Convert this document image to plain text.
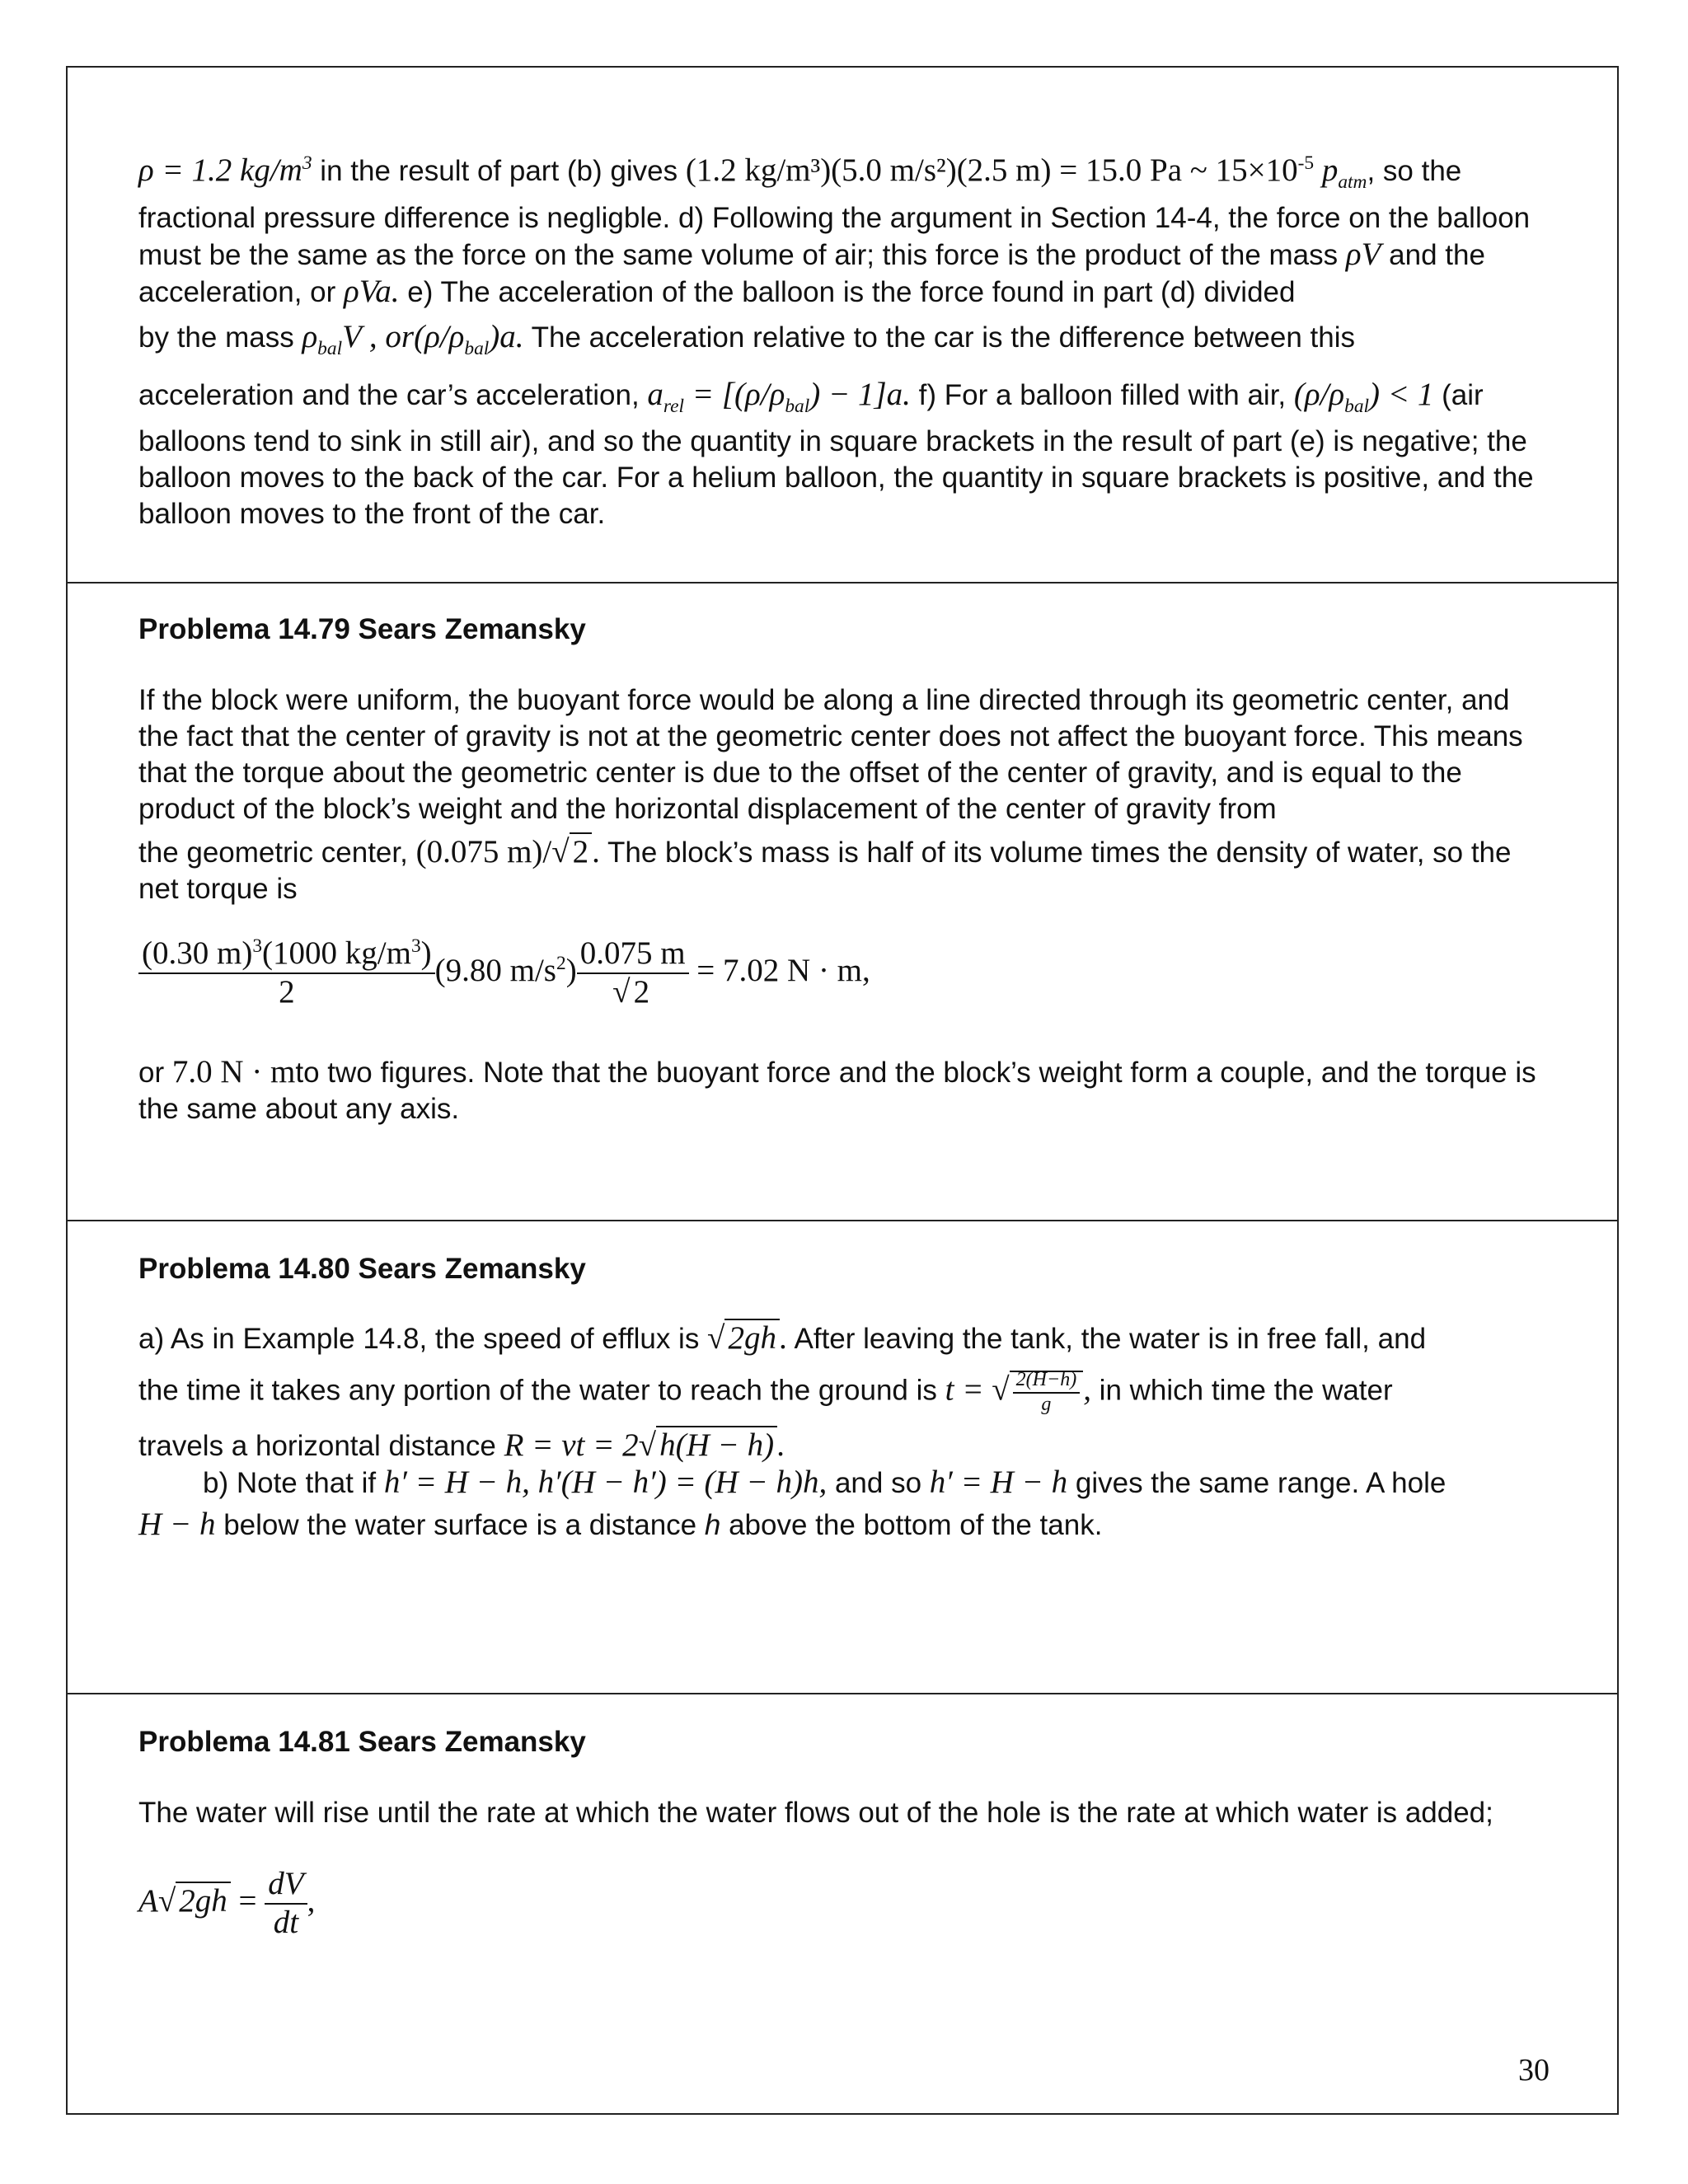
ρ = 1.2 $kg/m^3$ in the result of part (b) gives (1.2 kg/m³)(5.0 m/s²)(2.5 m) = 15.0 Pa ~ $15\times 10^{-5}$ $p_{atm}$, so the

fractional pressure difference is negligble. d) Following the argument in Section 14-4, the force on the balloon must be the same as the force on the same volume of air; this force is the product of the mass ρV and the acceleration, or ρVa. e) The acceleration of the balloon is the force found in part (d) divided

by the mass $\rho_{bal}V$ , $or(\rho/\rho_{bal})a$. The acceleration relative to the car is the difference between this

acceleration and the car’s acceleration, $a_{rel} = [(\rho/\rho_{bal}) - 1]a$. f) For a balloon filled with air, $(\rho/\rho_{bal}) < 1$ (air

balloons tend to sink in still air), and so the quantity in square brackets in the result of part (e) is negative; the balloon moves to the back of the car. For a helium balloon, the quantity in square brackets is positive, and the balloon moves to the front of the car.

Problema 14.79 Sears Zemansky

If the block were uniform, the buoyant force would be along a line directed through its geometric center, and the fact that the center of gravity is not at the geometric center does not affect the buoyant force. This means that the torque about the geometric center is due to the offset of the center of gravity, and is equal to the product of the block’s weight and the horizontal displacement of the center of gravity from

the geometric center, (0.075 m)/√ 2 . The block’s mass is half of its volume times the density of water, so the net torque is

$\frac{(0.30 m)^3(1000 kg/m^3)}{2} (9.80$ $m/s^2) \frac{0.075 m}{√ 2} = 7.02$ N · m,

or 7.0 N · mto two figures. Note that the buoyant force and the block’s weight form a couple, and the torque is the same about any axis.

Problema 14.80 Sears Zemansky

a) As in Example 14.8, the speed of efflux is √ 2gh . After leaving the tank, the water is in free fall, and

the time it takes any portion of the water to reach the ground is t = √ $\frac{2(H-h)}{g}$ , in which time the water

travels a horizontal distance R = vt = 2√ h(H − h) .

b) Note that if h′ = H − h, h′(H − h′) = (H − h)h, and so h′ = H − h gives the same range. A hole

H − h below the water surface is a distance h above the bottom of the tank.

Problema 14.81 Sears Zemansky

The water will rise until the rate at which the water flows out of the hole is the rate at which water is added;

A√ $2gh = \frac{dV}{dt}$ ,
30
